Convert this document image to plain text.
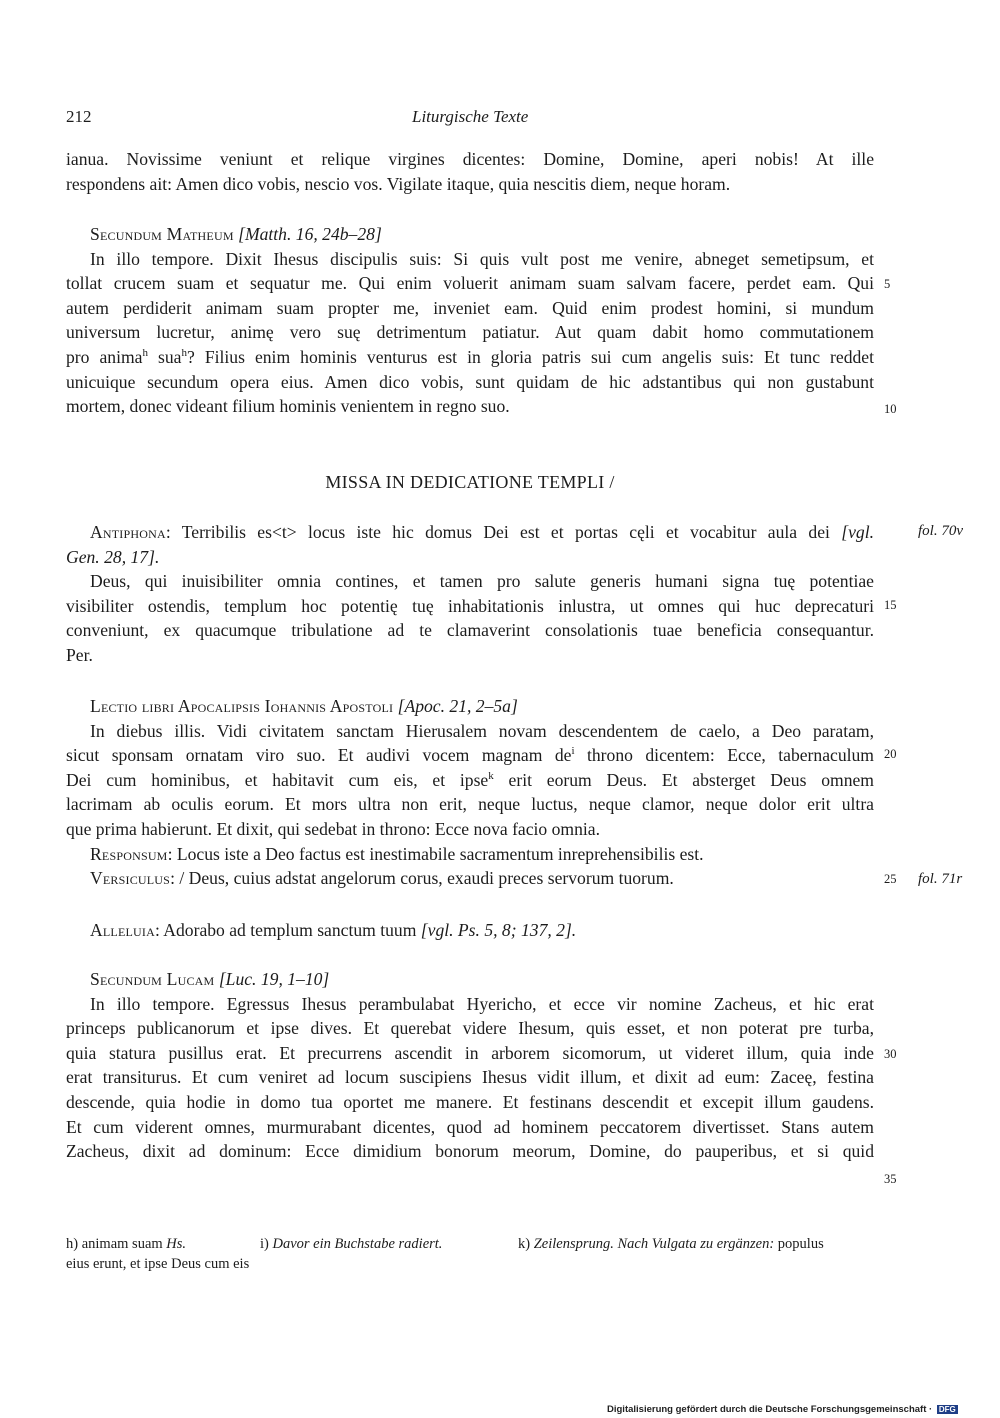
212	Liturgische Texte

ianua. Novissime veniunt et relique virgines dicentes: Domine, Domine, aperi nobis! At ille

respondens ait: Amen dico vobis, nescio vos. Vigilate itaque, quia nescitis diem, neque horam.

Secundum Matheum [Matth. 16, 24b–28]

In illo tempore. Dixit Ihesus discipulis suis: Si quis vult post me venire, abneget semetipsum, et

tollat crucem suam et sequatur me. Qui enim voluerit animam suam salvam facere, perdet eam. Qui

autem perdiderit animam suam propter me, inveniet eam. Quid enim prodest homini, si mundum

universum lucretur, animę vero suę detrimentum patiatur. Aut quam dabit homo commutationem

pro anima$^h$ sua$^h$? Filius enim hominis venturus est in gloria patris sui cum angelis suis: Et tunc reddet

unicuique secundum opera eius. Amen dico vobis, sunt quidam de hic adstantibus qui non gustabunt

mortem, donec videant filium hominis venientem in regno suo.

MISSA IN DEDICATIONE TEMPLI /

Antiphona: Terribilis es<t> locus iste hic domus Dei est et portas cęli et vocabitur aula dei [vgl.

Gen. 28, 17].

Deus, qui inuisibiliter omnia contines, et tamen pro salute generis humani signa tuę potentiae

visibiliter ostendis, templum hoc potentię tuę inhabitationis inlustra, ut omnes qui huc deprecaturi

conveniunt, ex quacumque tribulatione ad te clamaverint consolationis tuae beneficia consequantur.

Per.

Lectio libri Apocalipsis Iohannis Apostoli [Apoc. 21, 2–5a]

In diebus illis. Vidi civitatem sanctam Hierusalem novam descendentem de caelo, a Deo paratam,

sicut sponsam ornatam viro suo. Et audivi vocem magnam $de^i$ throno dicentem: Ecce, tabernaculum

Dei cum hominibus, et habitavit cum eis, et ipse$^k$ erit eorum Deus. Et absterget Deus omnem

lacrimam ab oculis eorum. Et mors ultra non erit, neque luctus, neque clamor, neque dolor erit ultra

que prima habierunt. Et dixit, qui sedebat in throno: Ecce nova facio omnia.

Responsum: Locus iste a Deo factus est inestimabile sacramentum inreprehensibilis est.

Versiculus: / Deus, cuius adstat angelorum corus, exaudi preces servorum tuorum.

Alleluia: Adorabo ad templum sanctum tuum [vgl. Ps. 5, 8; 137, 2].

Secundum Lucam [Luc. 19, 1–10]

In illo tempore. Egressus Ihesus perambulabat Hyericho, et ecce vir nomine Zacheus, et hic erat

princeps publicanorum et ipse dives. Et querebat videre Ihesum, quis esset, et non poterat pre turba,

quia statura pusillus erat. Et precurrens ascendit in arborem sicomorum, ut videret illum, quia inde

erat transiturus. Et cum veniret ad locum suscipiens Ihesus vidit illum, et dixit ad eum: Zaceę, festina

descende, quia hodie in domo tua oportet me manere. Et festinans descendit et excepit illum gaudens.

Et cum viderent omnes, murmurabant dicentes, quod ad hominem peccatorem divertisset. Stans autem

Zacheus, dixit ad dominum: Ecce dimidium bonorum meorum, Domine, do pauperibus, et si quid

5
10
15
20
25
30
35
fol. 70v
fol. 71r
h) animam suam Hs.	i) Davor ein Buchstabe radiert.	k) Zeilensprung. Nach Vulgata zu ergänzen: populus
eius erunt, et ipse Deus cum eis
Digitalisierung gefördert durch die Deutsche Forschungsgemeinschaft · DFG
